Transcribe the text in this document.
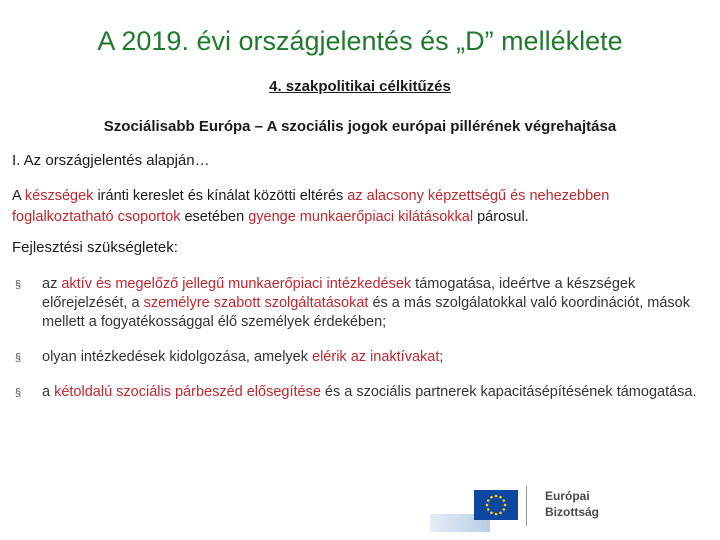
A 2019. évi országjelentés és „D” melléklete
4. szakpolitikai célkitűzés
Szociálisabb Európa – A szociális jogok európai pillérének végrehajtása
I. Az országjelentés alapján…
A készségek iránti kereslet és kínálat közötti eltérés az alacsony képzettségű és nehezebben foglalkoztatható csoportok esetében gyenge munkaerőpiaci kilátásokkal párosul.
Fejlesztési szükségletek:
§ az aktív és megelőző jellegű munkaerőpiaci intézkedések támogatása, ideértve a készségek előrejelzését, a személyre szabott szolgáltatásokat és a más szolgálatokkal való koordinációt, mások mellett a fogyatékossággal élő személyek érdekében;
§ olyan intézkedések kidolgozása, amelyek elérik az inaktívakat;
§ a kétoldalú szociális párbeszéd elősegítése és a szociális partnerek kapacitásépítésének támogatása.
Európai
Bizottság
